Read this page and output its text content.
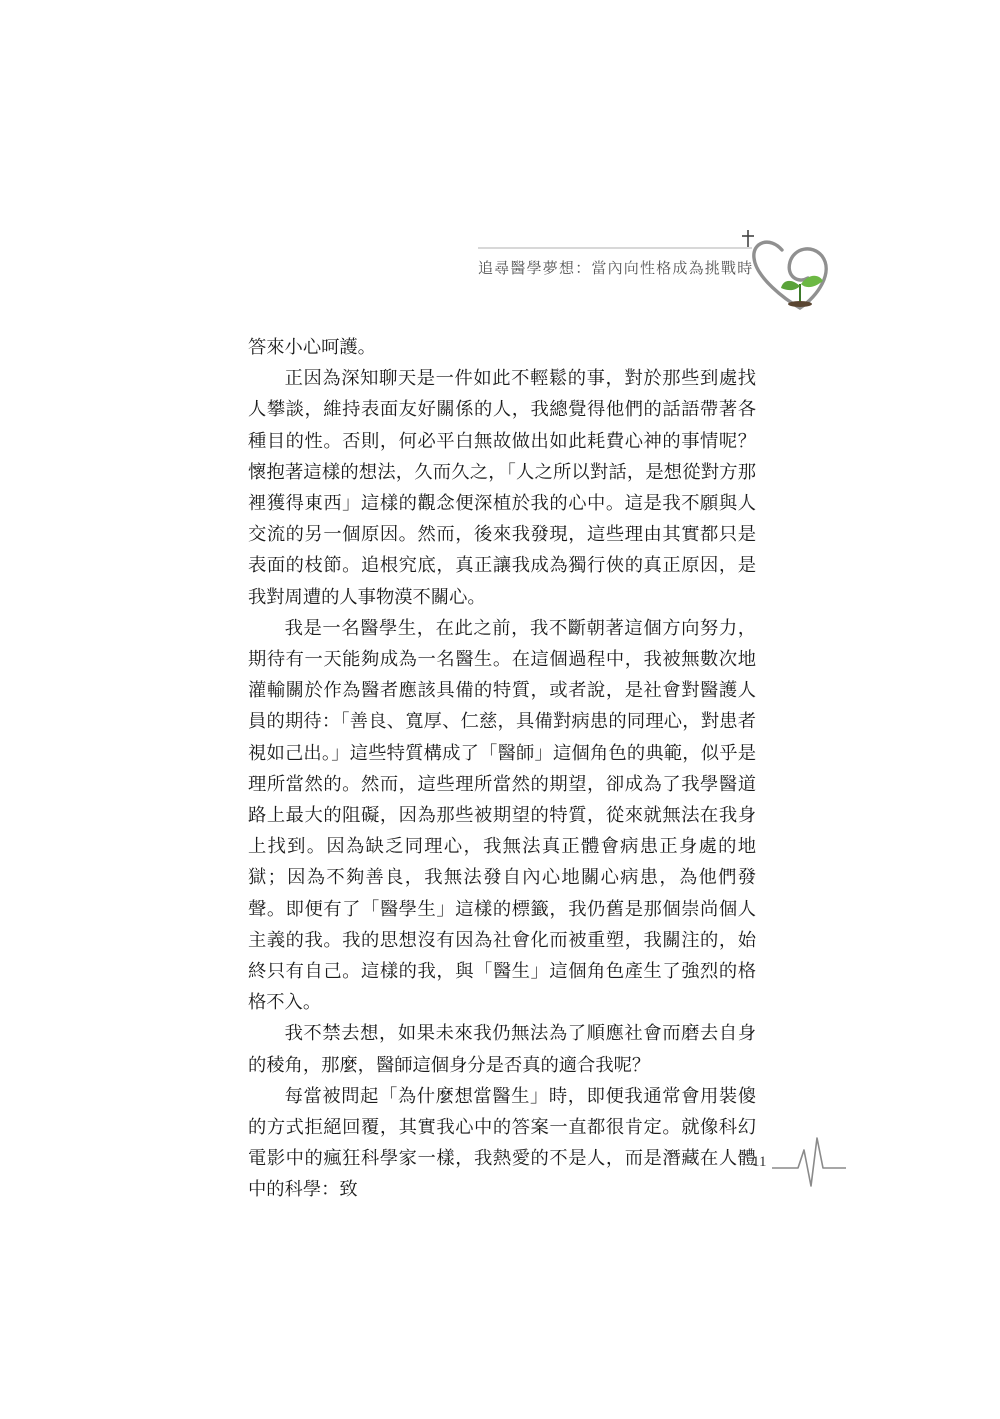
追尋醫學夢想：當內向性格成為挑戰時

答來小心呵護。

正因為深知聊天是一件如此不輕鬆的事，對於那些到處找人攀談，維持表面友好關係的人，我總覺得他們的話語帶著各種目的性。否則，何必平白無故做出如此耗費心神的事情呢？懷抱著這樣的想法，久而久之，「人之所以對話，是想從對方那裡獲得東西」這樣的觀念便深植於我的心中。這是我不願與人交流的另一個原因。然而，後來我發現，這些理由其實都只是表面的枝節。追根究底，真正讓我成為獨行俠的真正原因，是我對周遭的人事物漠不關心。

我是一名醫學生，在此之前，我不斷朝著這個方向努力，期待有一天能夠成為一名醫生。在這個過程中，我被無數次地灌輸關於作為醫者應該具備的特質，或者說，是社會對醫護人員的期待：「善良、寬厚、仁慈，具備對病患的同理心，對患者視如己出。」這些特質構成了「醫師」這個角色的典範，似乎是理所當然的。然而，這些理所當然的期望，卻成為了我學醫道路上最大的阻礙，因為那些被期望的特質，從來就無法在我身上找到。因為缺乏同理心，我無法真正體會病患正身處的地獄；因為不夠善良，我無法發自內心地關心病患，為他們發聲。即便有了「醫學生」這樣的標籤，我仍舊是那個崇尚個人主義的我。我的思想沒有因為社會化而被重塑，我關注的，始終只有自己。這樣的我，與「醫生」這個角色產生了強烈的格格不入。

我不禁去想，如果未來我仍無法為了順應社會而磨去自身的稜角，那麼，醫師這個身分是否真的適合我呢？

每當被問起「為什麼想當醫生」時，即便我通常會用裝傻的方式拒絕回覆，其實我心中的答案一直都很肯定。就像科幻電影中的瘋狂科學家一樣，我熱愛的不是人，而是潛藏在人體中的科學：致

11
